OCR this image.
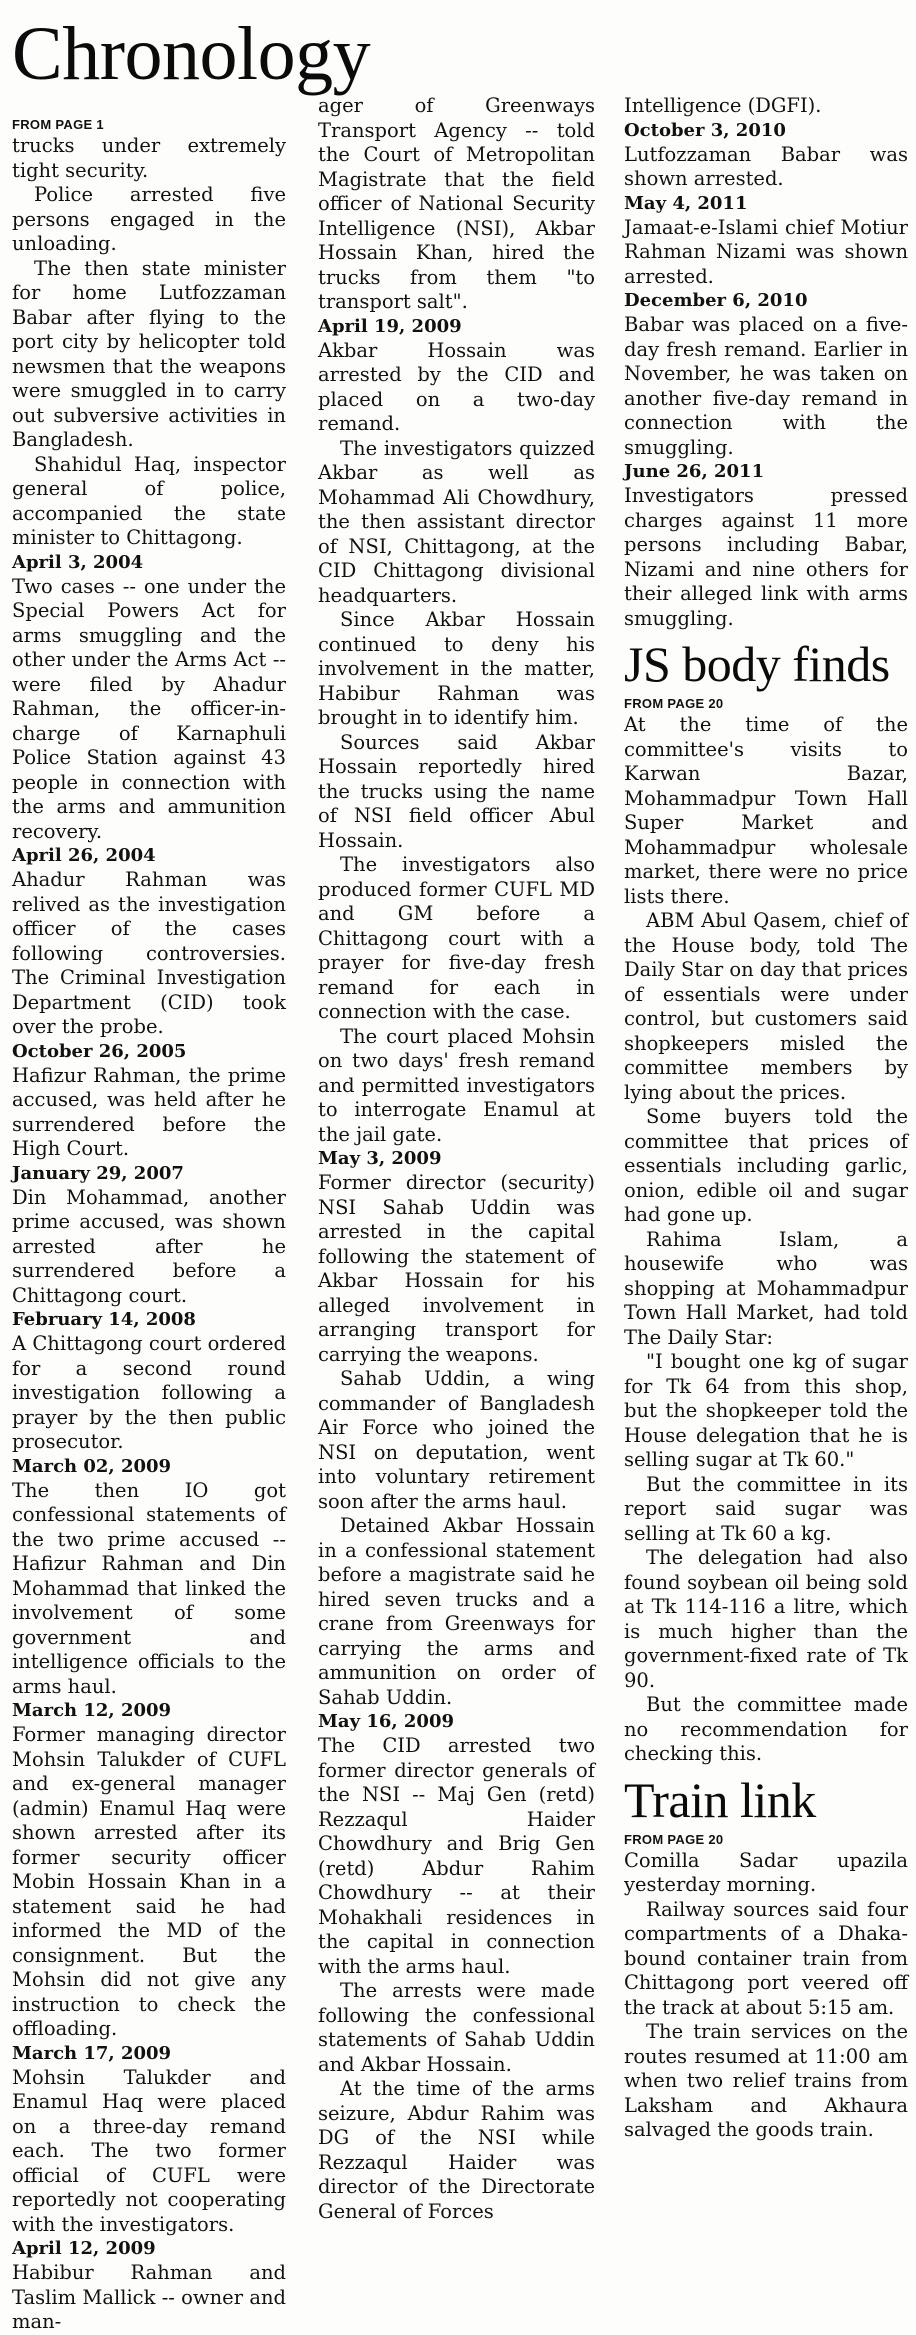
Chronology
FROM PAGE 1

trucks under extremely tight security.

Police arrested five persons engaged in the unloading.

The then state minister for home Lutfozzaman Babar after flying to the port city by helicopter told newsmen that the weapons were smuggled in to carry out subversive activities in Bangladesh.

Shahidul Haq, inspector general of police, accompanied the state minister to Chittagong.

April 3, 2004

Two cases -- one under the Special Powers Act for arms smuggling and the other under the Arms Act -- were filed by Ahadur Rahman, the officer-in-charge of Karnaphuli Police Station against 43 people in connection with the arms and ammunition recovery.

April 26, 2004

Ahadur Rahman was relived as the investigation officer of the cases following controversies. The Criminal Investigation Department (CID) took over the probe.

October 26, 2005

Hafizur Rahman, the prime accused, was held after he surrendered before the High Court.

January 29, 2007

Din Mohammad, another prime accused, was shown arrested after he surrendered before a Chittagong court.

February 14, 2008

A Chittagong court ordered for a second round investigation following a prayer by the then public prosecutor.

March 02, 2009

The then IO got confessional statements of the two prime accused -- Hafizur Rahman and Din Mohammad that linked the involvement of some government and intelligence officials to the arms haul.

March 12, 2009

Former managing director Mohsin Talukder of CUFL and ex-general manager (admin) Enamul Haq were shown arrested after its former security officer Mobin Hossain Khan in a statement said he had informed the MD of the consignment. But the Mohsin did not give any instruction to check the offloading.

March 17, 2009

Mohsin Talukder and Enamul Haq were placed on a three-day remand each. The two former official of CUFL were reportedly not cooperating with the investigators.

April 12, 2009

Habibur Rahman and Taslim Mallick -- owner and man-

ager of Greenways Transport Agency -- told the Court of Metropolitan Magistrate that the field officer of National Security Intelligence (NSI), Akbar Hossain Khan, hired the trucks from them "to transport salt".

April 19, 2009

Akbar Hossain was arrested by the CID and placed on a two-day remand.

The investigators quizzed Akbar as well as Mohammad Ali Chowdhury, the then assistant director of NSI, Chittagong, at the CID Chittagong divisional headquarters.

Since Akbar Hossain continued to deny his involvement in the matter, Habibur Rahman was brought in to identify him.

Sources said Akbar Hossain reportedly hired the trucks using the name of NSI field officer Abul Hossain.

The investigators also produced former CUFL MD and GM before a Chittagong court with a prayer for five-day fresh remand for each in connection with the case.

The court placed Mohsin on two days' fresh remand and permitted investigators to interrogate Enamul at the jail gate.

May 3, 2009

Former director (security) NSI Sahab Uddin was arrested in the capital following the statement of Akbar Hossain for his alleged involvement in arranging transport for carrying the weapons.

Sahab Uddin, a wing commander of Bangladesh Air Force who joined the NSI on deputation, went into voluntary retirement soon after the arms haul.

Detained Akbar Hossain in a confessional statement before a magistrate said he hired seven trucks and a crane from Greenways for carrying the arms and ammunition on order of Sahab Uddin.

May 16, 2009

The CID arrested two former director generals of the NSI -- Maj Gen (retd) Rezzaqul Haider Chowdhury and Brig Gen (retd) Abdur Rahim Chowdhury -- at their Mohakhali residences in the capital in connection with the arms haul.

The arrests were made following the confessional statements of Sahab Uddin and Akbar Hossain.

At the time of the arms seizure, Abdur Rahim was DG of the NSI while Rezzaqul Haider was director of the Directorate General of Forces

Intelligence (DGFI).

October 3, 2010

Lutfozzaman Babar was shown arrested.

May 4, 2011

Jamaat-e-Islami chief Motiur Rahman Nizami was shown arrested.

December 6, 2010

Babar was placed on a five-day fresh remand. Earlier in November, he was taken on another five-day remand in connection with the smuggling.

June 26, 2011

Investigators pressed charges against 11 more persons including Babar, Nizami and nine others for their alleged link with arms smuggling.

JS body finds
FROM PAGE 20

At the time of the committee's visits to Karwan Bazar, Mohammadpur Town Hall Super Market and Mohammadpur wholesale market, there were no price lists there.

ABM Abul Qasem, chief of the House body, told The Daily Star on day that prices of essentials were under control, but customers said shopkeepers misled the committee members by lying about the prices.

Some buyers told the committee that prices of essentials including garlic, onion, edible oil and sugar had gone up.

Rahima Islam, a housewife who was shopping at Mohammadpur Town Hall Market, had told The Daily Star:

"I bought one kg of sugar for Tk 64 from this shop, but the shopkeeper told the House delegation that he is selling sugar at Tk 60."

But the committee in its report said sugar was selling at Tk 60 a kg.

The delegation had also found soybean oil being sold at Tk 114-116 a litre, which is much higher than the government-fixed rate of Tk 90.

But the committee made no recommendation for checking this.

Train link
FROM PAGE 20

Comilla Sadar upazila yesterday morning.

Railway sources said four compartments of a Dhaka-bound container train from Chittagong port veered off the track at about 5:15 am.

The train services on the routes resumed at 11:00 am when two relief trains from Laksham and Akhaura salvaged the goods train.
